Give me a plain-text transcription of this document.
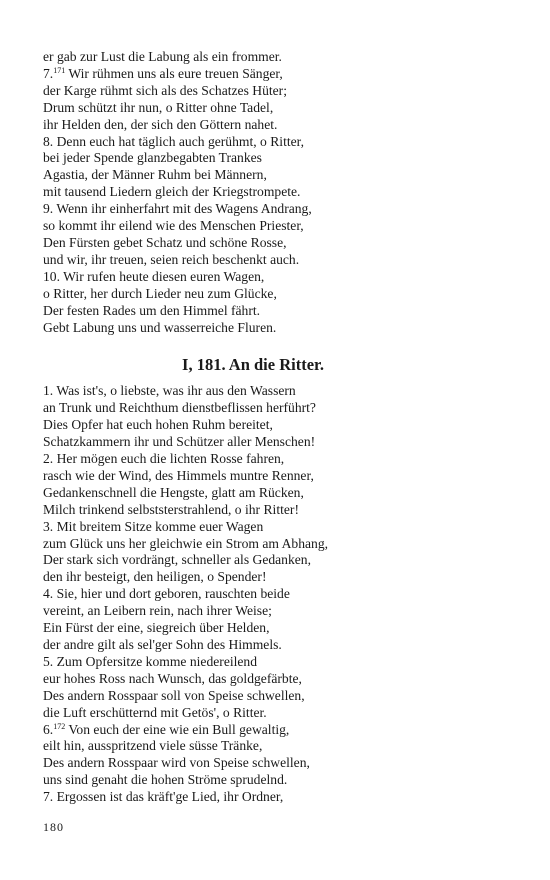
er gab zur Lust die Labung als ein frommer.
7.$^{171}$ Wir rühmen uns als eure treuen Sänger,
der Karge rühmt sich als des Schatzes Hüter;
Drum schützt ihr nun, o Ritter ohne Tadel,
ihr Helden den, der sich den Göttern nahet.
8. Denn euch hat täglich auch gerühmt, o Ritter,
bei jeder Spende glanzbegabten Trankes
Agastia, der Männer Ruhm bei Männern,
mit tausend Liedern gleich der Kriegstrompete.
9. Wenn ihr einherfahrt mit des Wagens Andrang,
so kommt ihr eilend wie des Menschen Priester,
Den Fürsten gebet Schatz und schöne Rosse,
und wir, ihr treuen, seien reich beschenkt auch.
10. Wir rufen heute diesen euren Wagen,
o Ritter, her durch Lieder neu zum Glücke,
Der festen Rades um den Himmel fährt.
Gebt Labung uns und wasserreiche Fluren.
I, 181. An die Ritter.
1. Was ist's, o liebste, was ihr aus den Wassern
an Trunk und Reichthum dienstbeflissen herführt?
Dies Opfer hat euch hohen Ruhm bereitet,
Schatzkammern ihr und Schützer aller Menschen!
2. Her mögen euch die lichten Rosse fahren,
rasch wie der Wind, des Himmels muntre Renner,
Gedankenschnell die Hengste, glatt am Rücken,
Milch trinkend selbststerstrahlend, o ihr Ritter!
3. Mit breitem Sitze komme euer Wagen
zum Glück uns her gleichwie ein Strom am Abhang,
Der stark sich vordrängt, schneller als Gedanken,
den ihr besteigt, den heiligen, o Spender!
4. Sie, hier und dort geboren, rauschten beide
vereint, an Leibern rein, nach ihrer Weise;
Ein Fürst der eine, siegreich über Helden,
der andre gilt als sel'ger Sohn des Himmels.
5. Zum Opfersitze komme niedereilend
eur hohes Ross nach Wunsch, das goldgefärbte,
Des andern Rosspaar soll von Speise schwellen,
die Luft erschütternd mit Getös', o Ritter.
6.$^{172}$ Von euch der eine wie ein Bull gewaltig,
eilt hin, ausspritzend viele süsse Tränke,
Des andern Rosspaar wird von Speise schwellen,
uns sind genaht die hohen Ströme sprudelnd.
7. Ergossen ist das kräft'ge Lied, ihr Ordner,
180
